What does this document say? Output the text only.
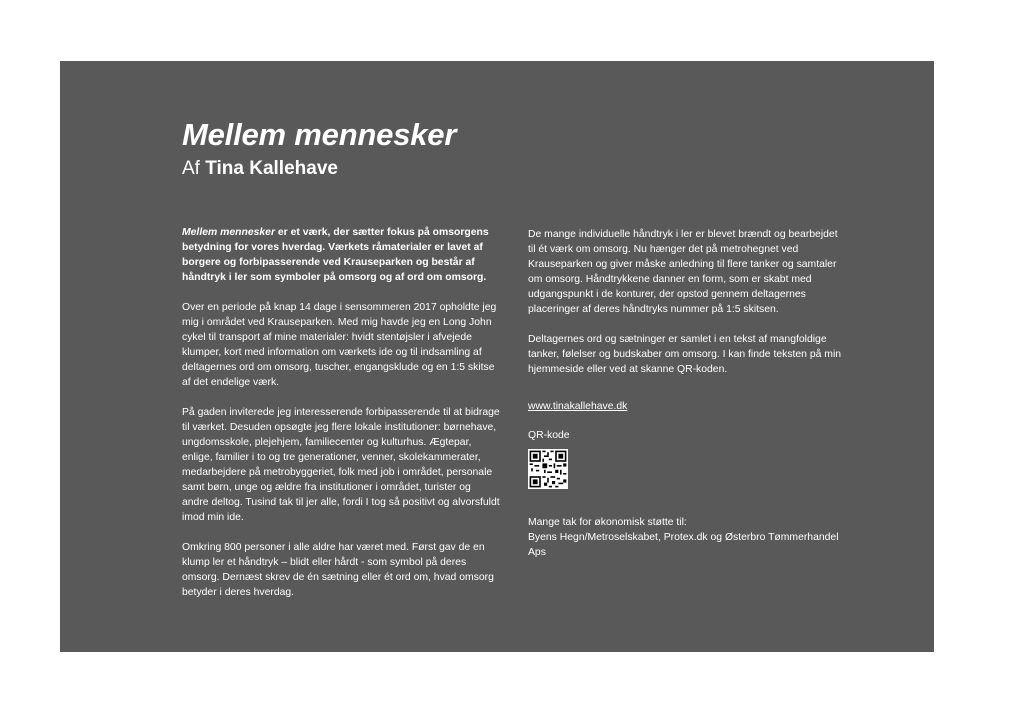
Mellem mennesker
Af Tina Kallehave

Mellem mennesker er et værk, der sætter fokus på omsorgens betydning for vores hverdag. Værkets råmaterialer er lavet af borgere og forbipasserende ved Krauseparken og består af håndtryk i ler som symboler på omsorg og af ord om omsorg.

Over en periode på knap 14 dage i sensommeren 2017 opholdte jeg mig i området ved Krauseparken. Med mig havde jeg en Long John cykel til transport af mine materialer: hvidt stentøjsler i afvejede klumper, kort med information om værkets ide og til indsamling af deltagernes ord om omsorg, tuscher, engangsklude og en 1:5 skitse af det endelige værk.

På gaden inviterede jeg interesserende forbipasserende til at bidrage til værket. Desuden opsøgte jeg flere lokale institutioner: børnehave, ungdomsskole, plejehjem, familiecenter og kulturhus. Ægtepar, enlige, familier i to og tre generationer, venner, skolekammerater, medarbejdere på metrobyggeriet, folk med job i området, personale samt børn, unge og ældre fra institutioner i området, turister og andre deltog. Tusind tak til jer alle, fordi I tog så positivt og alvorsfuldt imod min ide.

Omkring 800 personer i alle aldre har været med. Først gav de en klump ler et håndtryk – blidt eller hårdt - som symbol på deres omsorg. Dernæst skrev de én sætning eller ét ord om, hvad omsorg betyder i deres hverdag.

De mange individuelle håndtryk i ler er blevet brændt og bearbejdet til ét værk om omsorg. Nu hænger det på metrohegnet ved Krauseparken og giver måske anledning til flere tanker og samtaler om omsorg. Håndtrykkene danner en form, som er skabt med udgangspunkt i de konturer, der opstod gennem deltagernes placeringer af deres håndtryks nummer på 1:5 skitsen.

Deltagernes ord og sætninger er samlet i en tekst af mangfoldige tanker, følelser og budskaber om omsorg. I kan finde teksten på min hjemmeside eller ved at skanne QR-koden.

www.tinakallehave.dk

QR-kode

Mange tak for økonomisk støtte til:

Byens Hegn/Metroselskabet, Protex.dk og Østerbro Tømmerhandel Aps
